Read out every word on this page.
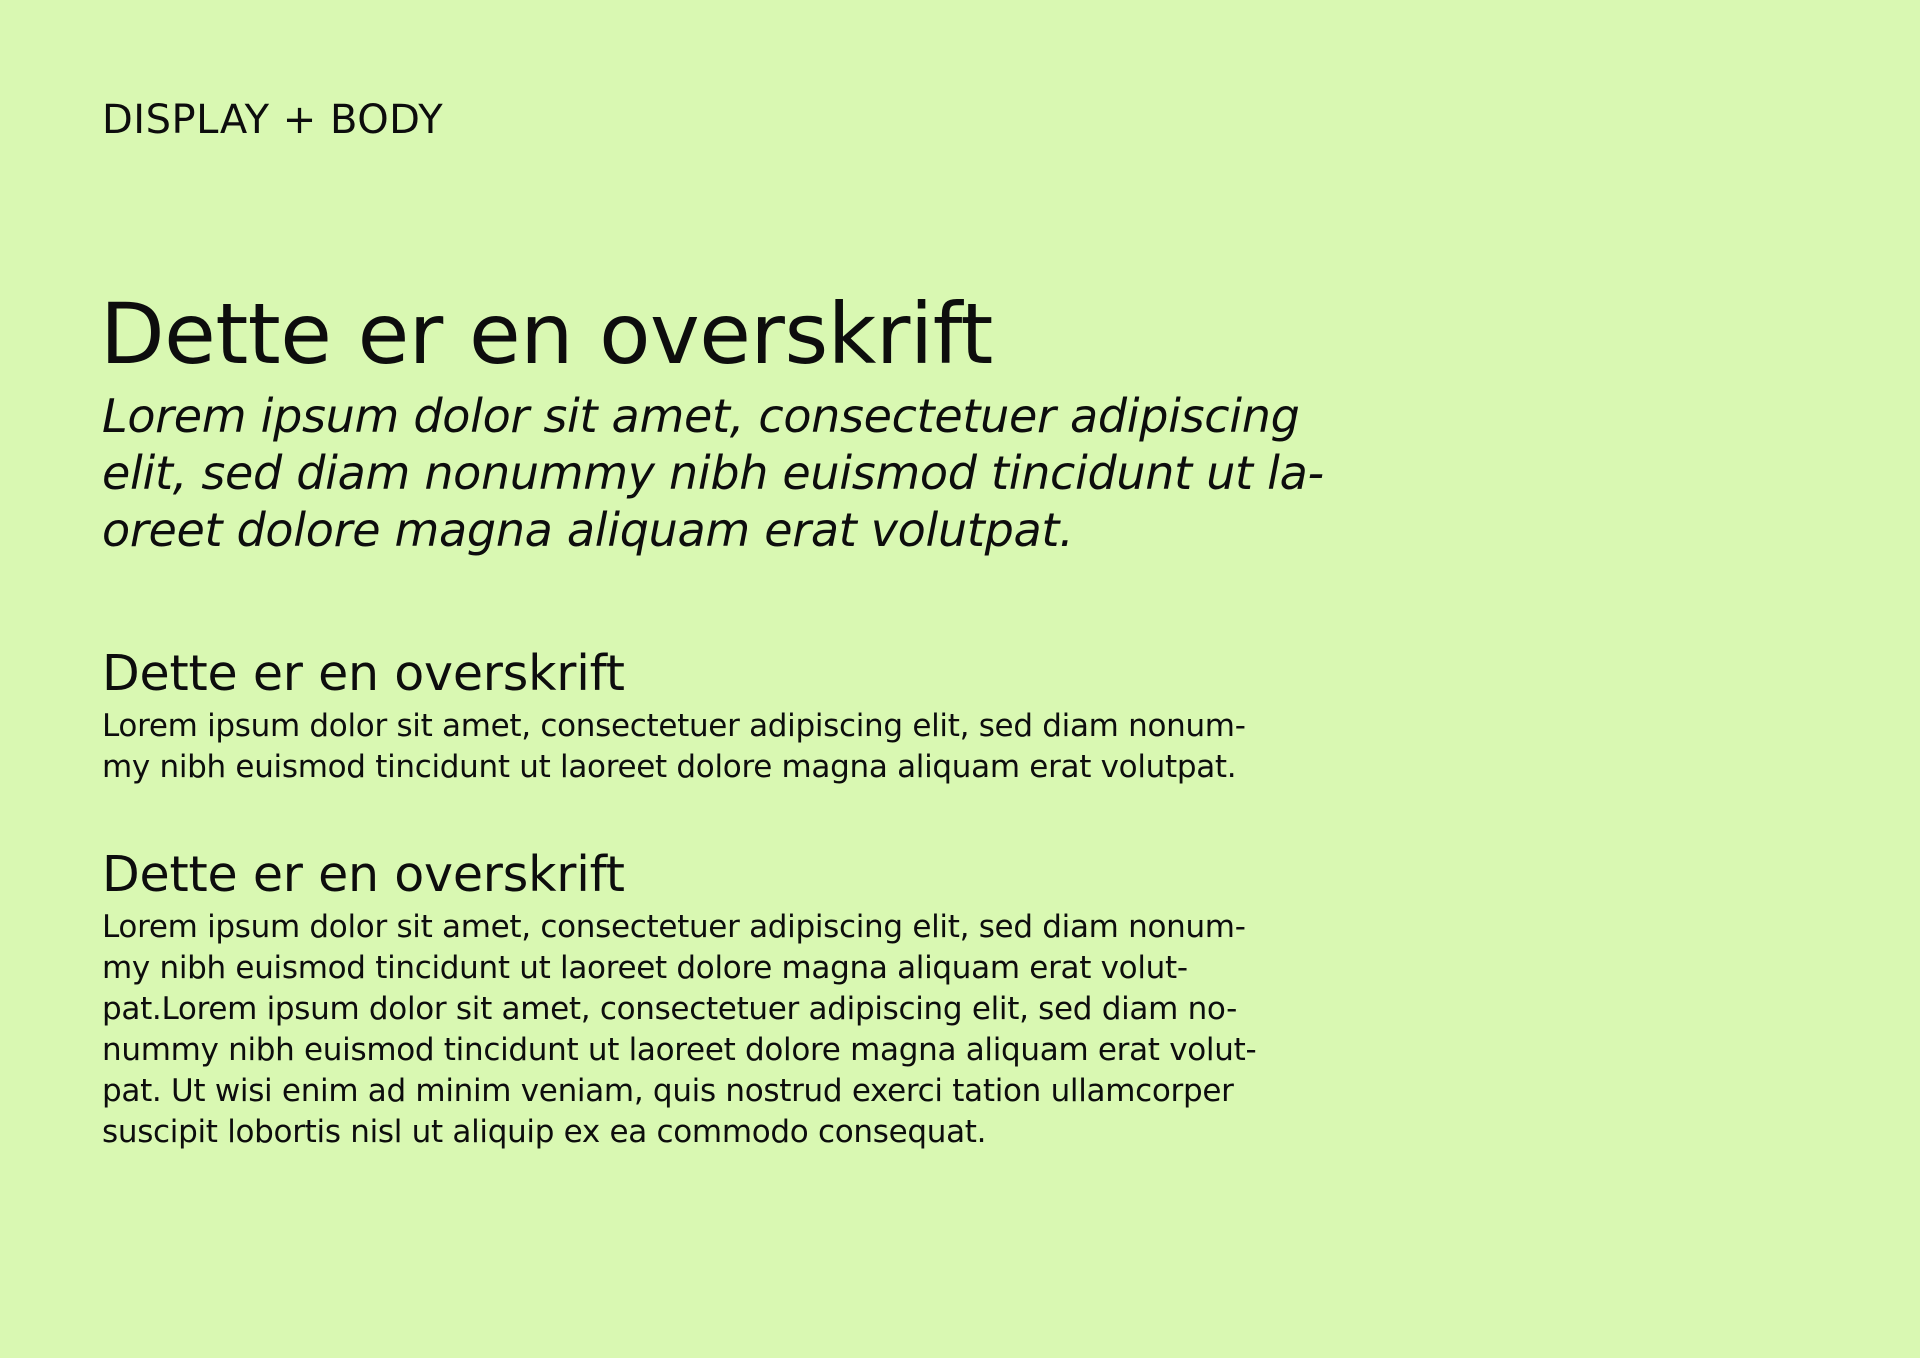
DISPLAY + BODY
Dette er en overskrift

Lorem ipsum dolor sit amet, consectetuer adipiscing
elit, sed diam nonummy nibh euismod tincidunt ut la-
oreet dolore magna aliquam erat volutpat.

Dette er en overskrift

Lorem ipsum dolor sit amet, consectetuer adipiscing elit, sed diam nonum-
my nibh euismod tincidunt ut laoreet dolore magna aliquam erat volutpat.

Dette er en overskrift

Lorem ipsum dolor sit amet, consectetuer adipiscing elit, sed diam nonum-
my nibh euismod tincidunt ut laoreet dolore magna aliquam erat volut-
pat.Lorem ipsum dolor sit amet, consectetuer adipiscing elit, sed diam no-
nummy nibh euismod tincidunt ut laoreet dolore magna aliquam erat volut-
pat. Ut wisi enim ad minim veniam, quis nostrud exerci tation ullamcorper
suscipit lobortis nisl ut aliquip ex ea commodo consequat.
